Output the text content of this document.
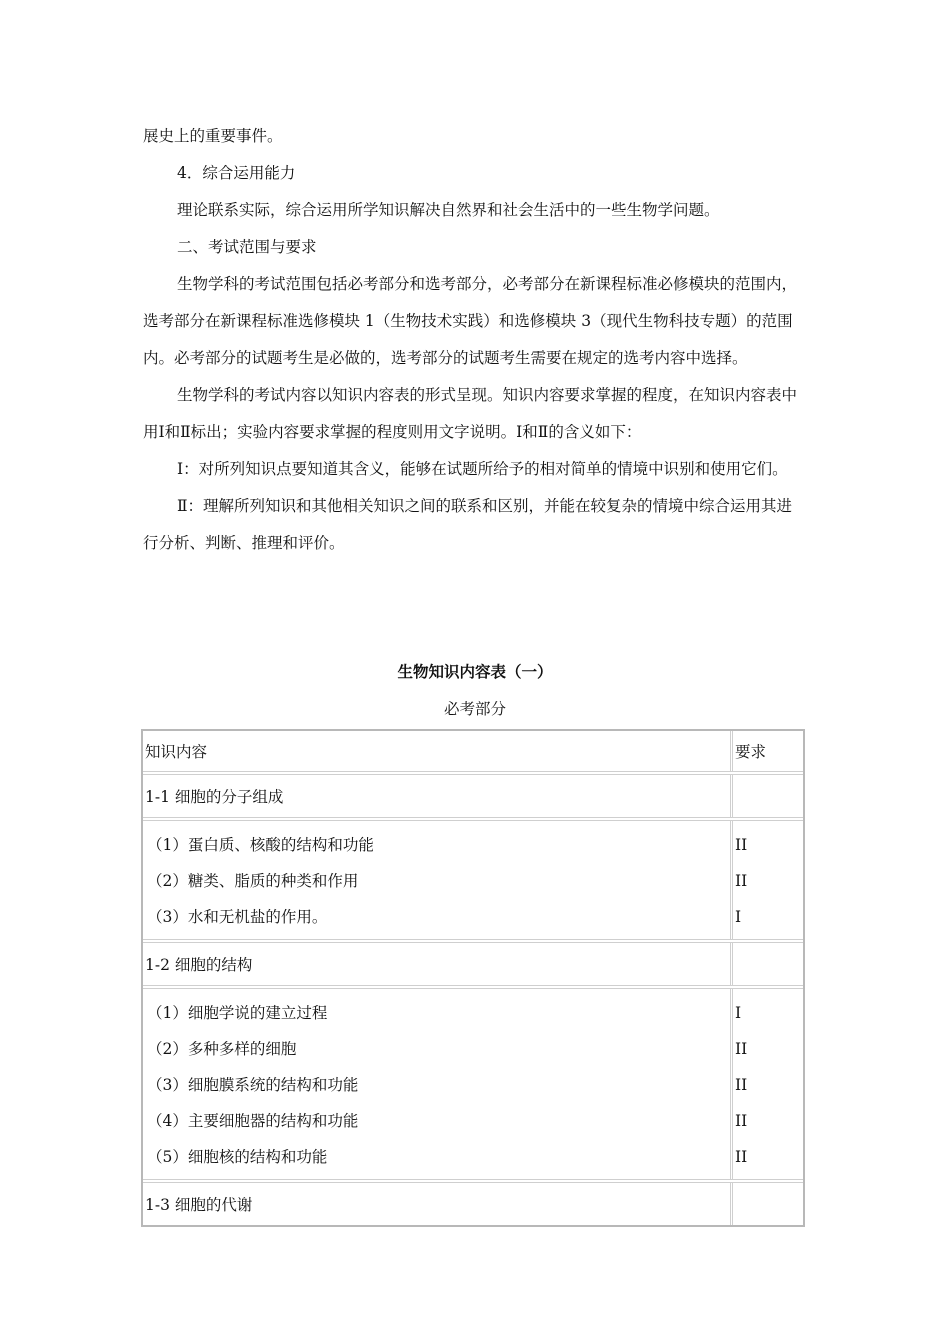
展史上的重要事件。

4．综合运用能力

理论联系实际，综合运用所学知识解决自然界和社会生活中的一些生物学问题。

二、考试范围与要求

生物学科的考试范围包括必考部分和选考部分，必考部分在新课程标准必修模块的范围内，选考部分在新课程标准选修模块 1（生物技术实践）和选修模块 3（现代生物科技专题）的范围内。必考部分的试题考生是必做的，选考部分的试题考生需要在规定的选考内容中选择。

生物学科的考试内容以知识内容表的形式呈现。知识内容要求掌握的程度，在知识内容表中用Ⅰ和Ⅱ标出；实验内容要求掌握的程度则用文字说明。Ⅰ和Ⅱ的含义如下：

Ⅰ：对所列知识点要知道其含义，能够在试题所给予的相对简单的情境中识别和使用它们。

Ⅱ：理解所列知识和其他相关知识之间的联系和区别，并能在较复杂的情境中综合运用其进行分析、判断、推理和评价。

生物知识内容表（一）
必考部分
知识内容	要求
1-1 细胞的分子组成
（1）蛋白质、核酸的结构和功能
（2）糖类、脂质的种类和作用
（3）水和无机盐的作用。
II
II
I
1-2 细胞的结构
（1）细胞学说的建立过程
（2）多种多样的细胞
（3）细胞膜系统的结构和功能
（4）主要细胞器的结构和功能
（5）细胞核的结构和功能
I
II
II
II
II
1-3 细胞的代谢
